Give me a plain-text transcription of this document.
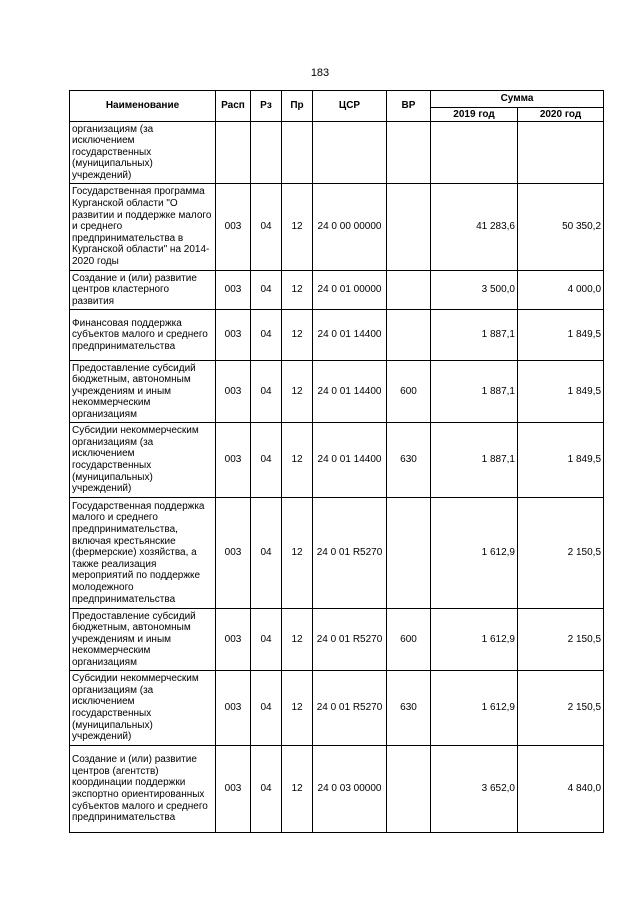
183
Наименование	Расп	Рз	Пр	ЦСР	ВР	Сумма	
						2019 год	2020 год
организациям (за исключением государственных (муниципальных) учреждений)							
Государственная программа Курганской области "О развитии и поддержке малого и среднего предпринимательства в Курганской области" на 2014-2020 годы	003	04	12	24 0 00 00000		41 283,6	50 350,2
Создание и (или) развитие центров кластерного развития	003	04	12	24 0 01 00000		3 500,0	4 000,0
Финансовая поддержка субъектов малого и среднего предпринимательства	003	04	12	24 0 01 14400		1 887,1	1 849,5
Предоставление субсидий бюджетным, автономным учреждениям и иным некоммерческим организациям	003	04	12	24 0 01 14400	600	1 887,1	1 849,5
Субсидии некоммерческим организациям (за исключением государственных (муниципальных) учреждений)	003	04	12	24 0 01 14400	630	1 887,1	1 849,5
Государственная поддержка малого и среднего предпринимательства, включая крестьянские (фермерские) хозяйства, а также реализация мероприятий по поддержке молодежного предпринимательства	003	04	12	24 0 01 R5270		1 612,9	2 150,5
Предоставление субсидий бюджетным, автономным учреждениям и иным некоммерческим организациям	003	04	12	24 0 01 R5270	600	1 612,9	2 150,5
Субсидии некоммерческим организациям (за исключением государственных (муниципальных) учреждений)	003	04	12	24 0 01 R5270	630	1 612,9	2 150,5
Создание и (или) развитие центров (агентств) координации поддержки экспортно ориентированных субъектов малого и среднего предпринимательства	003	04	12	24 0 03 00000		3 652,0	4 840,0
